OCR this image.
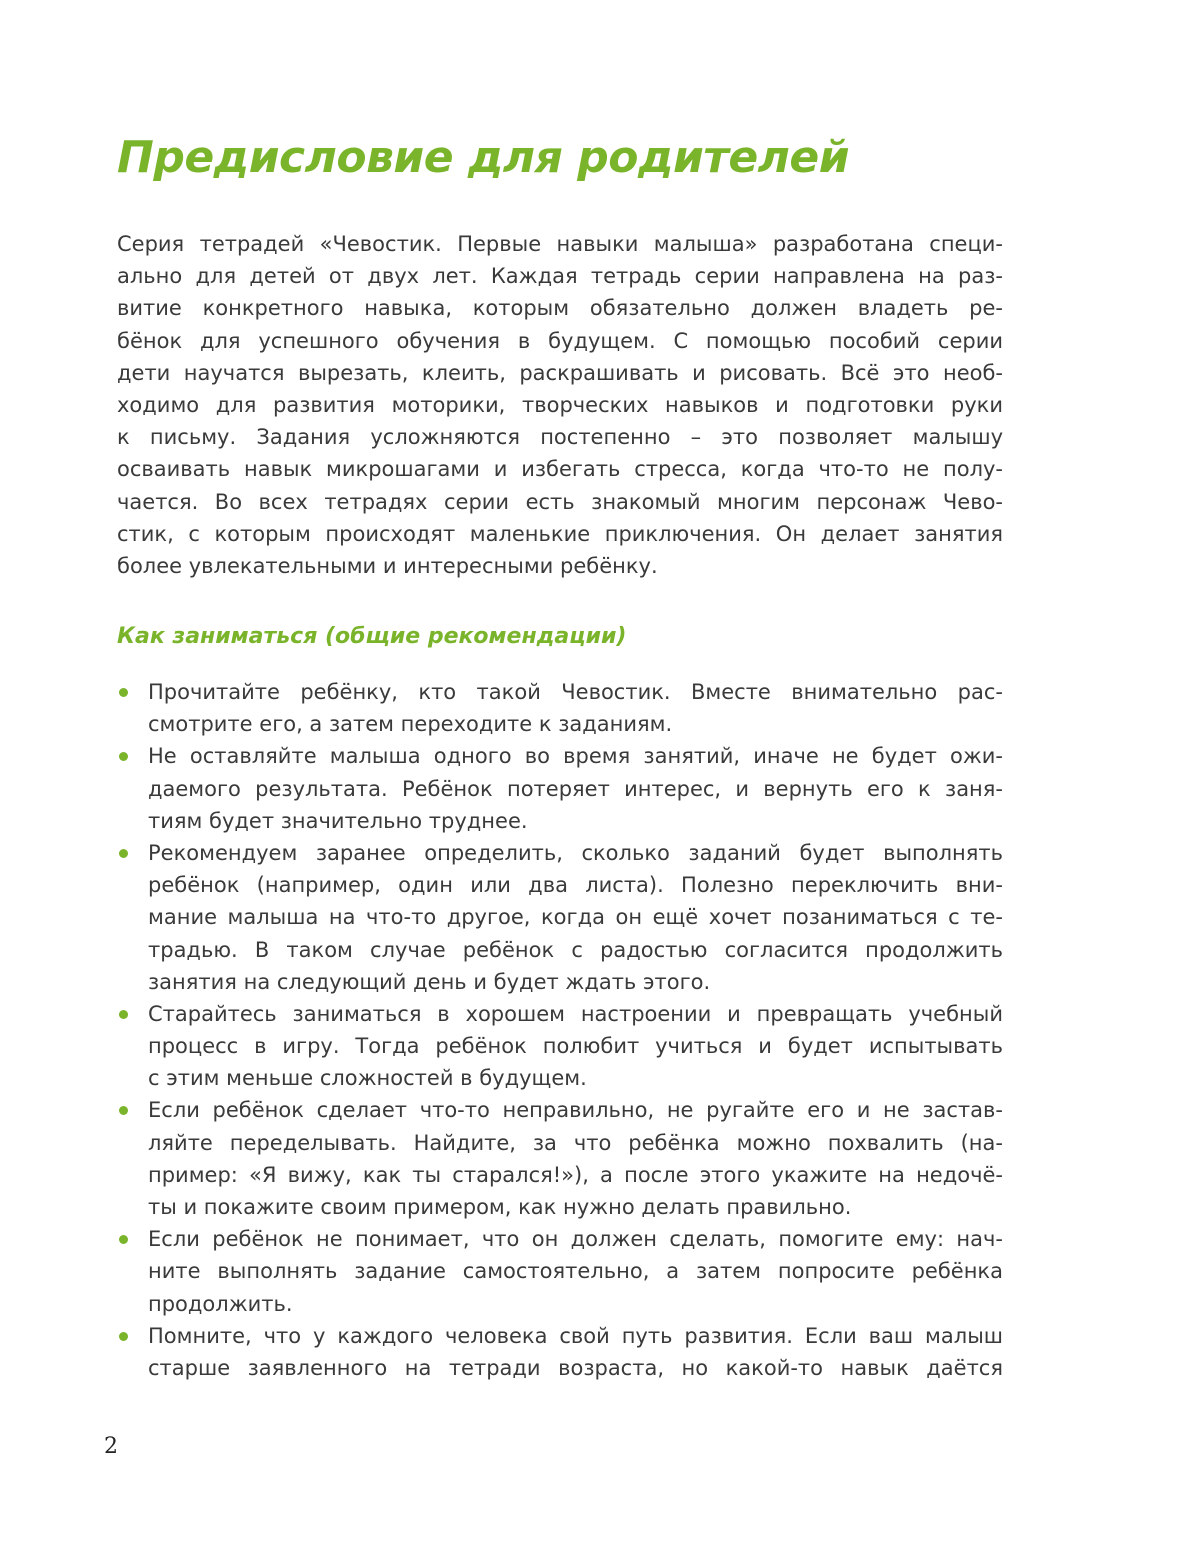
Предисловие для родителей
Серия тетрадей «Чевостик. Первые навыки малыша» разработана специ-
ально для детей от двух лет. Каждая тетрадь серии направлена на раз-
витие конкретного навыка, которым обязательно должен владеть ре-
бёнок для успешного обучения в будущем. С помощью пособий серии
дети научатся вырезать, клеить, раскрашивать и рисовать. Всё это необ-
ходимо для развития моторики, творческих навыков и подготовки руки
к письму. Задания усложняются постепенно – это позволяет малышу
осваивать навык микрошагами и избегать стресса, когда что-то не полу-
чается. Во всех тетрадях серии есть знакомый многим персонаж Чево-
стик, с которым происходят маленькие приключения. Он делает занятия
более увлекательными и интересными ребёнку.
Как заниматься (общие рекомендации)
Прочитайте ребёнку, кто такой Чевостик. Вместе внимательно рас-
смотрите его, а затем переходите к заданиям.
Не оставляйте малыша одного во время занятий, иначе не будет ожи-
даемого результата. Ребёнок потеряет интерес, и вернуть его к заня-
тиям будет значительно труднее.
Рекомендуем заранее определить, сколько заданий будет выполнять
ребёнок (например, один или два листа). Полезно переключить вни-
мание малыша на что-то другое, когда он ещё хочет позаниматься с те-
традью. В таком случае ребёнок с радостью согласится продолжить
занятия на следующий день и будет ждать этого.
Старайтесь заниматься в хорошем настроении и превращать учебный
процесс в игру. Тогда ребёнок полюбит учиться и будет испытывать
с этим меньше сложностей в будущем.
Если ребёнок сделает что-то неправильно, не ругайте его и не застав-
ляйте переделывать. Найдите, за что ребёнка можно похвалить (на-
пример: «Я вижу, как ты старался!»), а после этого укажите на недочё-
ты и покажите своим примером, как нужно делать правильно.
Если ребёнок не понимает, что он должен сделать, помогите ему: нач-
ните выполнять задание самостоятельно, а затем попросите ребёнка
продолжить.
Помните, что у каждого человека свой путь развития. Если ваш малыш
старше заявленного на тетради возраста, но какой-то навык даётся
2
